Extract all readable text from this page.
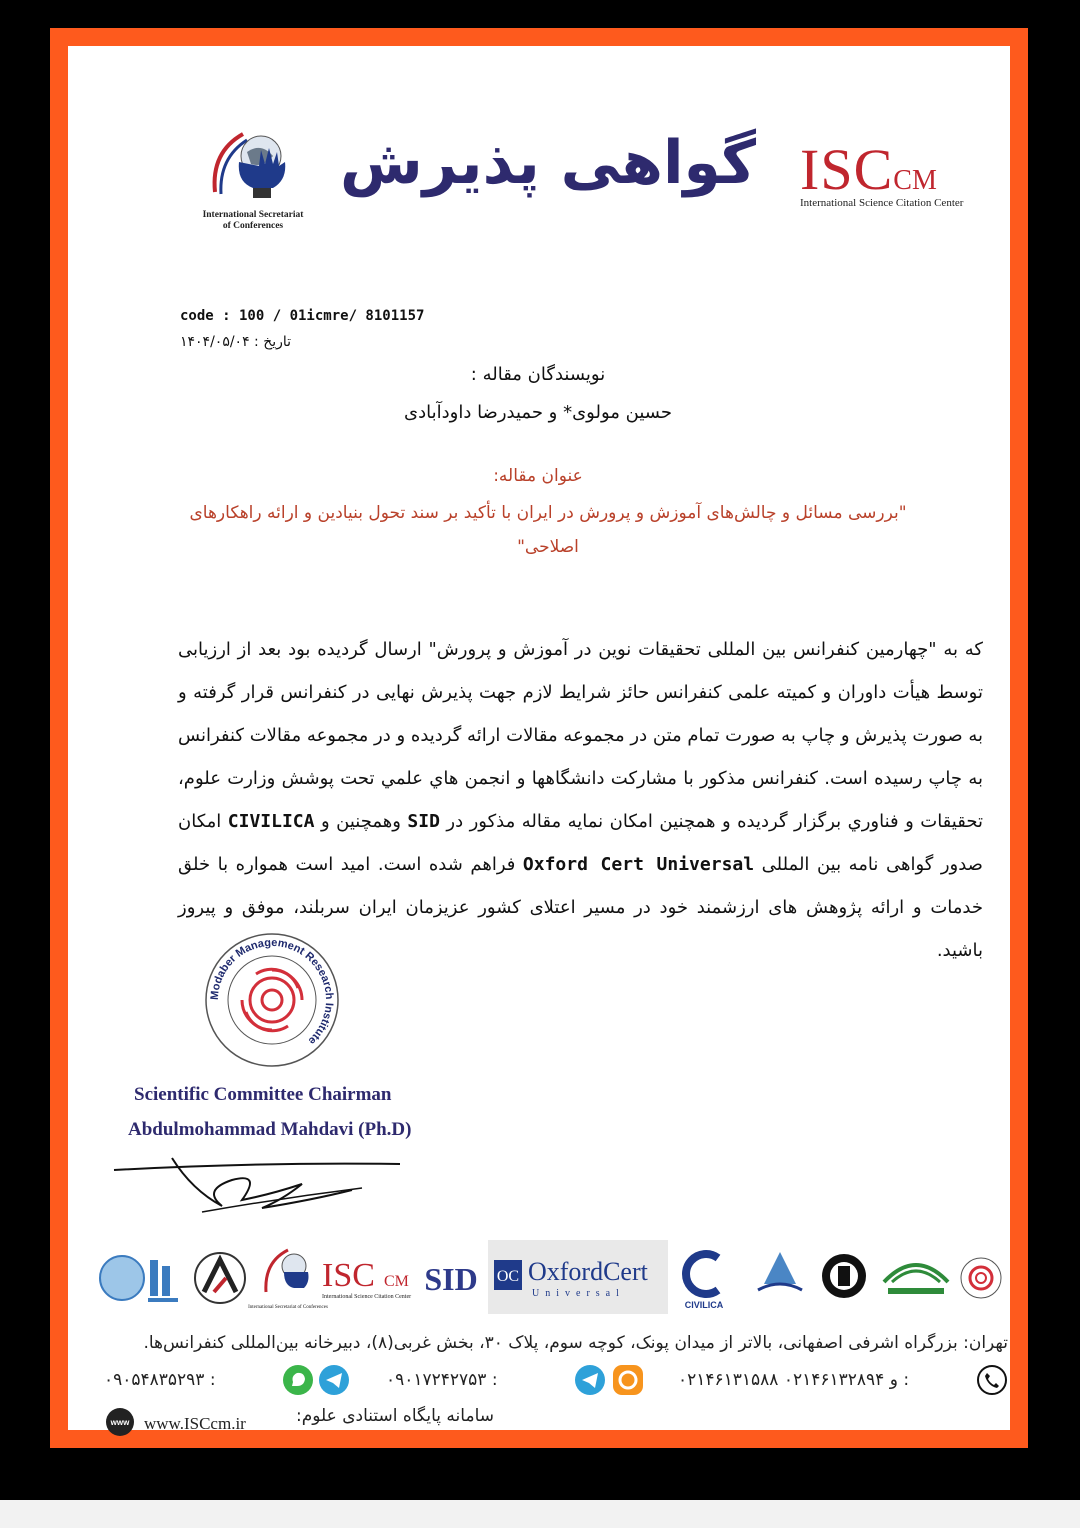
ISCCM
International Science Citation Center
گواهی پذیرش
International Secretariat
of Conferences
code : 100 / 01icmre/ 8101157
تاریخ : ۱۴۰۴/۰۵/۰۴
نویسندگان مقاله :
حسین مولوی* و حمیدرضا داودآبادی
عنوان مقاله:
"بررسی مسائل و چالش‌های آموزش و پرورش در ایران با تأکید بر سند تحول بنیادین و ارائه راهکارهای اصلاحی"
که به "چهارمین کنفرانس بین المللی تحقیقات نوین در آموزش و پرورش" ارسال گردیده بود بعد از ارزیابی توسط هیأت داوران و کمیته علمی کنفرانس حائز شرایط لازم جهت پذیرش نهایی در کنفرانس قرار گرفته و به صورت پذیرش و چاپ به صورت تمام متن در مجموعه مقالات ارائه گردیده و در مجموعه مقالات کنفرانس به چاپ رسیده است. کنفرانس مذکور با مشارکت دانشگاهها و انجمن هاي علمي تحت پوشش وزارت علوم، تحقیقات و فناوري برگزار گردیده و همچنین امکان نمایه مقاله مذکور در SID وهمچنین و CIVILICA امکان صدور گواهی نامه بین المللی Oxford Cert Universal فراهم شده است. امید است همواره با خلق خدمات و ارائه پژوهش های ارزشمند خود در مسیر اعتلای کشور عزیزمان ایران سربلند، موفق و پیروز باشید.
Modaber Management Research Institute
Scientific Committee Chairman
Abdulmohammad Mahdavi (Ph.D)
International Secretariat of Conferences
ISC CM
International Science Citation Center SID OC OxfordCert
Universal
CIVILICA
تهران: بزرگراه اشرفی اصفهانی، بالاتر از میدان پونک، کوچه سوم، پلاک ۳۰، بخش غربی(۸)، دبیرخانه بین‌المللی کنفرانس‌ها.
۰۹۰۵۴۸۳۵۲۹۳ :	۰۹۰۱۷۲۴۲۷۵۳ :	۰۲۱۴۶۱۳۱۵۸۸ و ۰۲۱۴۶۱۳۲۸۹۴ :
www www.ISCcm.ir	سامانه پایگاه استنادی علوم:
